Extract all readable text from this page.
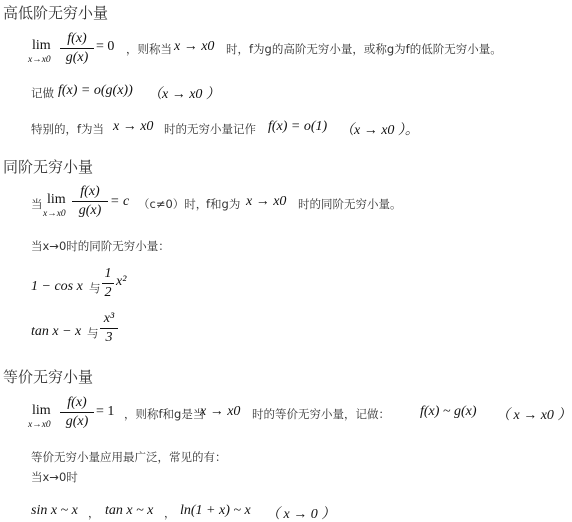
高低阶无穷小量
lim
x→x0
f(x)
g(x)
= 0 ，则称当 x → x0 时，f为g的高阶无穷小量，或称g为f的低阶无穷小量。
记做 f(x) = o(g(x)) （x → x0 ）
特别的，f为当 x → x0 时的无穷小量记作 f(x) = o(1) （x → x0 ）。
同阶无穷小量
当 lim
x→x0
f(x)
g(x)
= c （c≠0）时，
f和g为 x → x0 时的同阶无穷小量。
当x→0时的同阶无穷小量：
1 − cos x 与
1
2
x²
tan x − x 与
x³
3
等价无穷小量
lim
x→x0
f(x)
g(x)
= 1 ，则称f和g是当
x → x0 时的等价无穷小量，记做： f(x) ~ g(x) （ x → x0 ）
等价无穷小量应用最广泛，常见的有：
当x→0时
sin x ~ x ， tan x ~ x ， ln(1 + x) ~ x （ x → 0 ）
